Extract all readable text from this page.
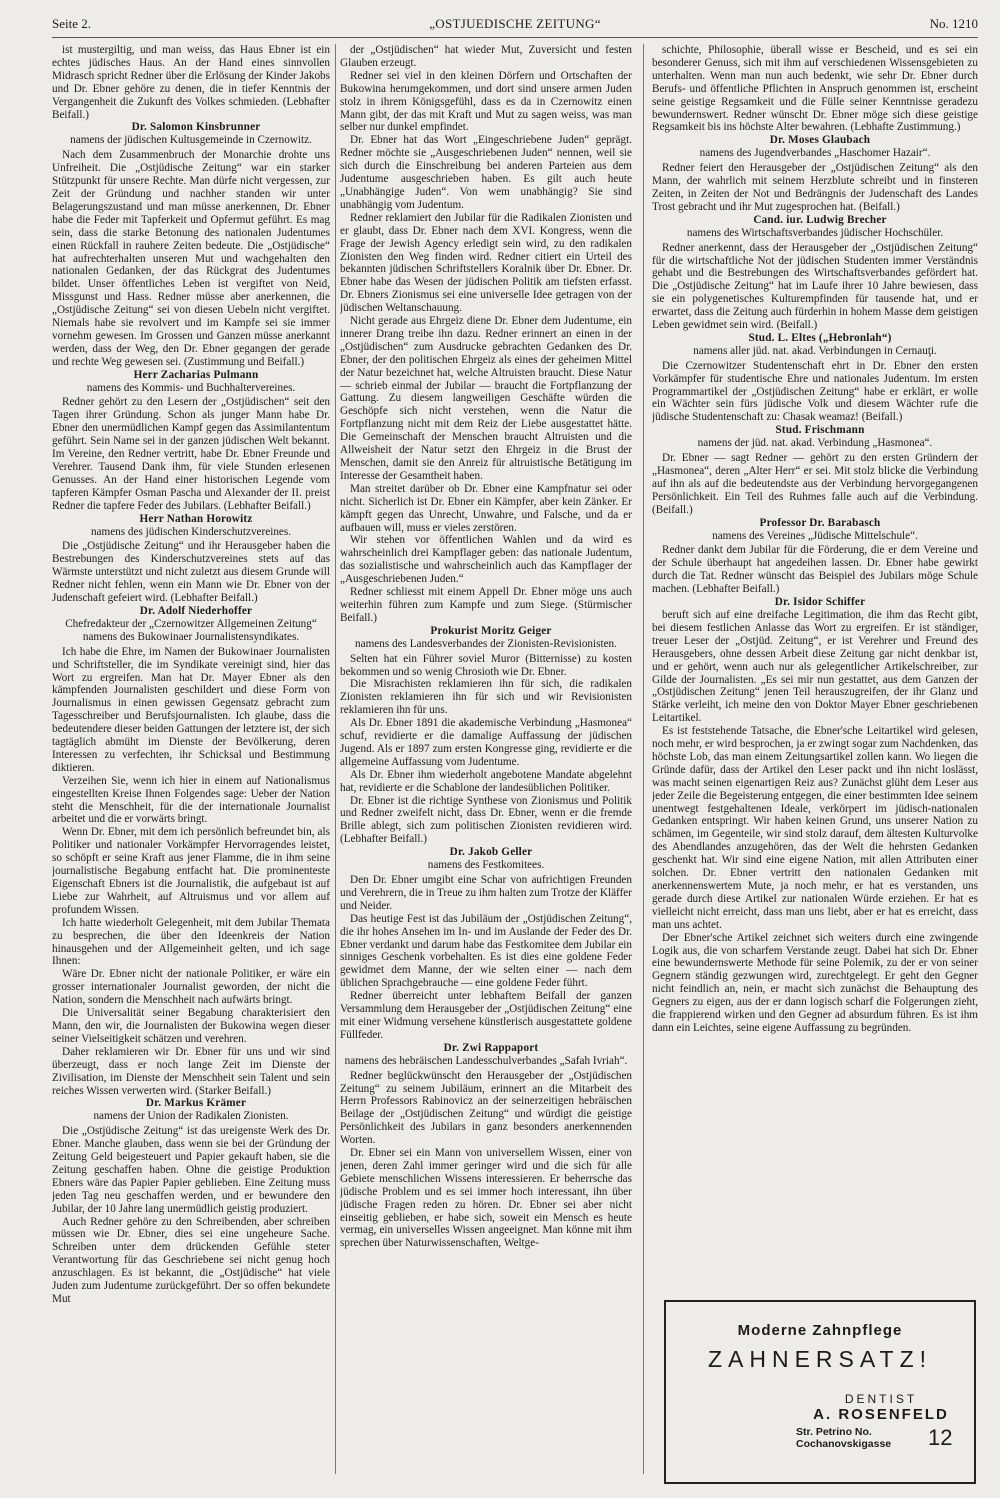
Seite 2.	„OSTJUEDISCHE ZEITUNG“	No. 1210

ist mustergiltig, und man weiss, das Haus Ebner ist ein echtes jüdisches Haus. An der Hand eines sinnvollen Midrasch spricht Redner über die Erlösung der Kinder Jakobs und Dr. Ebner gehöre zu denen, die in tiefer Kenntnis der Vergangenheit die Zukunft des Volkes schmieden. (Lebhafter Beifall.)

Dr. Salomon Kinsbrunner

namens der jüdischen Kultusgemeinde in Czernowitz.

Nach dem Zusammenbruch der Monarchie drohte uns Unfreiheit. Die „Ostjüdische Zeitung“ war ein starker Stützpunkt für unsere Rechte. Man dürfe nicht vergessen, zur Zeit der Gründung und nachher standen wir unter Belagerungszustand und man müsse anerkennen, Dr. Ebner habe die Feder mit Tapferkeit und Opfermut geführt. Es mag sein, dass die starke Betonung des nationalen Judentumes einen Rückfall in rauhere Zeiten bedeute. Die „Ostjüdische“ hat aufrechterhalten unseren Mut und wachgehalten den nationalen Gedanken, der das Rückgrat des Judentumes bildet. Unser öffentliches Leben ist vergiftet von Neid, Missgunst und Hass. Redner müsse aber anerkennen, die „Ostjüdische Zeitung“ sei von diesen Uebeln nicht vergiftet. Niemals habe sie revolvert und im Kampfe sei sie immer vornehm gewesen. Im Grossen und Ganzen müsse anerkannt werden, dass der Weg, den Dr. Ebner gegangen der gerade und rechte Weg gewesen sei. (Zustimmung und Beifall.)

Herr Zacharias Pulmann

namens des Kommis- und Buchhaltervereines.

Redner gehört zu den Lesern der „Ostjüdischen“ seit den Tagen ihrer Gründung. Schon als junger Mann habe Dr. Ebner den unermüdlichen Kampf gegen das Assimilantentum geführt. Sein Name sei in der ganzen jüdischen Welt bekannt. Im Vereine, den Redner vertritt, habe Dr. Ebner Freunde und Verehrer. Tausend Dank ihm, für viele Stunden erlesenen Genusses. An der Hand einer historischen Legende vom tapferen Kämpfer Osman Pascha und Alexander der II. preist Redner die tapfere Feder des Jubilars. (Lebhafter Beifall.)

Herr Nathan Horowitz

namens des jüdischen Kinderschutzvereines.

Die „Ostjüdische Zeitung“ und ihr Herausgeber haben die Bestrebungen des Kinderschutzvereines stets auf das Wärmste unterstützt und nicht zuletzt aus diesem Grunde will Redner nicht fehlen, wenn ein Mann wie Dr. Ebner von der Judenschaft gefeiert wird. (Lebhafter Beifall.)

Dr. Adolf Niederhoffer

Chefredakteur der „Czernowitzer Allgemeinen Zeitung“ namens des Bukowinaer Journalistensyndikates.

Ich habe die Ehre, im Namen der Bukowinaer Journalisten und Schriftsteller, die im Syndikate vereinigt sind, hier das Wort zu ergreifen. Man hat Dr. Mayer Ebner als den kämpfenden Journalisten geschildert und diese Form von Journalismus in einen gewissen Gegensatz gebracht zum Tagesschreiber und Berufsjournalisten. Ich glaube, dass die bedeutendere dieser beiden Gattungen der letztere ist, der sich tagtäglich abmüht im Dienste der Bevölkerung, deren Interessen zu verfechten, ihr Schicksal und Bestimmung diktieren.

Verzeihen Sie, wenn ich hier in einem auf Nationalismus eingestellten Kreise Ihnen Folgendes sage: Ueber der Nation steht die Menschheit, für die der internationale Journalist arbeitet und die er vorwärts bringt.

Wenn Dr. Ebner, mit dem ich persönlich befreundet bin, als Politiker und nationaler Vorkämpfer Hervorragendes leistet, so schöpft er seine Kraft aus jener Flamme, die in ihm seine journalistische Begabung entfacht hat. Die prominenteste Eigenschaft Ebners ist die Journalistik, die aufgebaut ist auf Liebe zur Wahrheit, auf Altruismus und vor allem auf profundem Wissen.

Ich hatte wiederholt Gelegenheit, mit dem Jubilar Themata zu besprechen, die über den Ideenkreis der Nation hinausgehen und der Allgemeinheit gelten, und ich sage Ihnen:

Wäre Dr. Ebner nicht der nationale Politiker, er wäre ein grosser internationaler Journalist geworden, der nicht die Nation, sondern die Menschheit nach aufwärts bringt.

Die Universalität seiner Begabung charakterisiert den Mann, den wir, die Journalisten der Bukowina wegen dieser seiner Vielseitigkeit schätzen und verehren.

Daher reklamieren wir Dr. Ebner für uns und wir sind überzeugt, dass er noch lange Zeit im Dienste der Zivilisation, im Dienste der Menschheit sein Talent und sein reiches Wissen verwerten wird. (Starker Beifall.)

Dr. Markus Krämer

namens der Union der Radikalen Zionisten.

Die „Ostjüdische Zeitung“ ist das ureigenste Werk des Dr. Ebner. Manche glauben, dass wenn sie bei der Gründung der Zeitung Geld beigesteuert und Papier gekauft haben, sie die Zeitung geschaffen haben. Ohne die geistige Produktion Ebners wäre das Papier Papier geblieben. Eine Zeitung muss jeden Tag neu geschaffen werden, und er bewundere den Jubilar, der 10 Jahre lang unermüdlich geistig produziert.

Auch Redner gehöre zu den Schreibenden, aber schreiben müssen wie Dr. Ebner, dies sei eine ungeheure Sache. Schreiben unter dem drückenden Gefühle steter Verantwortung für das Geschriebene sei nicht genug hoch anzuschlagen. Es ist bekannt, die „Ostjüdische“ hat viele Juden zum Judentume zurückgeführt. Der so offen bekundete Mut

der „Ostjüdischen“ hat wieder Mut, Zuversicht und festen Glauben erzeugt.

Redner sei viel in den kleinen Dörfern und Ortschaften der Bukowina herumgekommen, und dort sind unsere armen Juden stolz in ihrem Königsgefühl, dass es da in Czernowitz einen Mann gibt, der das mit Kraft und Mut zu sagen weiss, was man selber nur dunkel empfindet.

Dr. Ebner hat das Wort „Eingeschriebene Juden“ geprägt. Redner möchte sie „Ausgeschriebenen Juden“ nennen, weil sie sich durch die Einschreibung bei anderen Parteien aus dem Judentume ausgeschrieben haben. Es gilt auch heute „Unabhängige Juden“. Von wem unabhängig? Sie sind unabhängig vom Judentum.

Redner reklamiert den Jubilar für die Radikalen Zionisten und er glaubt, dass Dr. Ebner nach dem XVI. Kongress, wenn die Frage der Jewish Agency erledigt sein wird, zu den radikalen Zionisten den Weg finden wird. Redner citiert ein Urteil des bekannten jüdischen Schriftstellers Koralnik über Dr. Ebner. Dr. Ebner habe das Wesen der jüdischen Politik am tiefsten erfasst. Dr. Ebners Zionismus sei eine universelle Idee getragen von der jüdischen Weltanschauung.

Nicht gerade aus Ehrgeiz diene Dr. Ebner dem Judentume, ein innerer Drang treibe ihn dazu. Redner erinnert an einen in der „Ostjüdischen“ zum Ausdrucke gebrachten Gedanken des Dr. Ebner, der den politischen Ehrgeiz als eines der geheimen Mittel der Natur bezeichnet hat, welche Altruisten braucht. Diese Natur — schrieb einmal der Jubilar — braucht die Fortpflanzung der Gattung. Zu diesem langweiligen Geschäfte würden die Geschöpfe sich nicht verstehen, wenn die Natur die Fortpflanzung nicht mit dem Reiz der Liebe ausgestattet hätte. Die Gemeinschaft der Menschen braucht Altruisten und die Allweisheit der Natur setzt den Ehrgeiz in die Brust der Menschen, damit sie den Anreiz für altruistische Betätigung im Interesse der Gesamtheit haben.

Man streitet darüber ob Dr. Ebner eine Kampfnatur sei oder nicht. Sicherlich ist Dr. Ebner ein Kämpfer, aber kein Zänker. Er kämpft gegen das Unrecht, Unwahre, und Falsche, und da er aufbauen will, muss er vieles zerstören.

Wir stehen vor öffentlichen Wahlen und da wird es wahrscheinlich drei Kampflager geben: das nationale Judentum, das sozialistische und wahrscheinlich auch das Kampflager der „Ausgeschriebenen Juden.“

Redner schliesst mit einem Appell Dr. Ebner möge uns auch weiterhin führen zum Kampfe und zum Siege. (Stürmischer Beifall.)

Prokurist Moritz Geiger

namens des Landesverbandes der Zionisten-Revisionisten.

Selten hat ein Führer soviel Muror (Bitternisse) zu kosten bekommen und so wenig Chrosioth wie Dr. Ebner.

Die Misrachisten reklamieren ihn für sich, die radikalen Zionisten reklamieren ihn für sich und wir Revisionisten reklamieren ihn für uns.

Als Dr. Ebner 1891 die akademische Verbindung „Hasmonea“ schuf, revidierte er die damalige Auffassung der jüdischen Jugend. Als er 1897 zum ersten Kongresse ging, revidierte er die allgemeine Auffassung vom Judentume.

Als Dr. Ebner ihm wiederholt angebotene Mandate abgelehnt hat, revidierte er die Schablone der landesüblichen Politiker.

Dr. Ebner ist die richtige Synthese von Zionismus und Politik und Redner zweifelt nicht, dass Dr. Ebner, wenn er die fremde Brille ablegt, sich zum politischen Zionisten revidieren wird. (Lebhafter Beifall.)

Dr. Jakob Geller

namens des Festkomitees.

Den Dr. Ebner umgibt eine Schar von aufrichtigen Freunden und Verehrern, die in Treue zu ihm halten zum Trotze der Kläffer und Neider.

Das heutige Fest ist das Jubiläum der „Ostjüdischen Zeitung“, die ihr hohes Ansehen im In- und im Auslande der Feder des Dr. Ebner verdankt und darum habe das Festkomitee dem Jubilar ein sinniges Geschenk vorbehalten. Es ist dies eine goldene Feder gewidmet dem Manne, der wie selten einer — nach dem üblichen Sprachgebrauche — eine goldene Feder führt.

Redner überreicht unter lebhaftem Beifall der ganzen Versammlung dem Herausgeber der „Ostjüdischen Zeitung“ eine mit einer Widmung versehene künstlerisch ausgestattete goldene Füllfeder.

Dr. Zwi Rappaport

namens des hebräischen Landesschulverbandes „Safah Ivriah“.

Redner beglückwünscht den Herausgeber der „Ostjüdischen Zeitung“ zu seinem Jubiläum, erinnert an die Mitarbeit des Herrn Professors Rabinovicz an der seinerzeitigen hebräischen Beilage der „Ostjüdischen Zeitung“ und würdigt die geistige Persönlichkeit des Jubilars in ganz besonders anerkennenden Worten.

Dr. Ebner sei ein Mann von universellem Wissen, einer von jenen, deren Zahl immer geringer wird und die sich für alle Gebiete menschlichen Wissens interessieren. Er beherrsche das jüdische Problem und es sei immer hoch interessant, ihn über jüdische Fragen reden zu hören. Dr. Ebner sei aber nicht einseitig geblieben, er habe sich, soweit ein Mensch es heute vermag, ein universelles Wissen angeeignet. Man könne mit ihm sprechen über Naturwissenschaften, Weltge-

schichte, Philosophie, überall wisse er Bescheid, und es sei ein besonderer Genuss, sich mit ihm auf verschiedenen Wissensgebieten zu unterhalten. Wenn man nun auch bedenkt, wie sehr Dr. Ebner durch Berufs- und öffentliche Pflichten in Anspruch genommen ist, erscheint seine geistige Regsamkeit und die Fülle seiner Kenntnisse geradezu bewundernswert. Redner wünscht Dr. Ebner möge sich diese geistige Regsamkeit bis ins höchste Alter bewahren. (Lebhafte Zustimmung.)

Dr. Moses Glaubach

namens des Jugendverbandes „Haschomer Hazair“.

Redner feiert den Herausgeber der „Ostjüdischen Zeitung“ als den Mann, der wahrlich mit seinem Herzblute schreibt und in finsteren Zeiten, in Zeiten der Not und Bedrängnis der Judenschaft des Landes Trost gebracht und ihr Mut zugesprochen hat. (Beifall.)

Cand. iur. Ludwig Brecher

namens des Wirtschaftsverbandes jüdischer Hochschüler.

Redner anerkennt, dass der Herausgeber der „Ostjüdischen Zeitung“ für die wirtschaftliche Not der jüdischen Studenten immer Verständnis gehabt und die Bestrebungen des Wirtschaftsverbandes gefördert hat. Die „Ostjüdische Zeitung“ hat im Laufe ihrer 10 Jahre bewiesen, dass sie ein polygenetisches Kulturempfinden für tausende hat, und er erwartet, dass die Zeitung auch fürderhin in hohem Masse dem geistigen Leben gewidmet sein wird. (Beifall.)

Stud. L. Eltes („Hebronlah“)

namens aller jüd. nat. akad. Verbindungen in Cernauţi.

Die Czernowitzer Studentenschaft ehrt in Dr. Ebner den ersten Vorkämpfer für studentische Ehre und nationales Judentum. Im ersten Programmartikel der „Ostjüdischen Zeitung“ habe er erklärt, er wolle ein Wächter sein fürs jüdische Volk und diesem Wächter rufe die jüdische Studentenschaft zu: Chasak weamaz! (Beifall.)

Stud. Frischmann

namens der jüd. nat. akad. Verbindung „Hasmonea“.

Dr. Ebner — sagt Redner — gehört zu den ersten Gründern der „Hasmonea“, deren „Alter Herr“ er sei. Mit stolz blicke die Verbindung auf ihn als auf die bedeutendste aus der Verbindung hervorgegangenen Persönlichkeit. Ein Teil des Ruhmes falle auch auf die Verbindung. (Beifall.)

Professor Dr. Barabasch

namens des Vereines „Jüdische Mittelschule“.

Redner dankt dem Jubilar für die Förderung, die er dem Vereine und der Schule überhaupt hat angedeihen lassen. Dr. Ebner habe gewirkt durch die Tat. Redner wünscht das Beispiel des Jubilars möge Schule machen. (Lebhafter Beifall.)

Dr. Isidor Schiffer

beruft sich auf eine dreifache Legitimation, die ihm das Recht gibt, bei diesem festlichen Anlasse das Wort zu ergreifen. Er ist ständiger, treuer Leser der „Ostjüd. Zeitung“, er ist Verehrer und Freund des Herausgebers, ohne dessen Arbeit diese Zeitung gar nicht denkbar ist, und er gehört, wenn auch nur als gelegentlicher Artikelschreiber, zur Gilde der Journalisten. „Es sei mir nun gestattet, aus dem Ganzen der „Ostjüdischen Zeitung“ jenen Teil herauszugreifen, der ihr Glanz und Stärke verleiht, ich meine den von Doktor Mayer Ebner geschriebenen Leitartikel.

Es ist feststehende Tatsache, die Ebner'sche Leitartikel wird gelesen, noch mehr, er wird besprochen, ja er zwingt sogar zum Nachdenken, das höchste Lob, das man einem Zeitungsartikel zollen kann. Wo liegen die Gründe dafür, dass der Artikel den Leser packt und ihn nicht loslässt, was macht seinen eigenartigen Reiz aus? Zunächst glüht dem Leser aus jeder Zeile die Begeisterung entgegen, die einer bestimmten Idee seinem unentwegt festgehaltenen Ideale, verkörpert im jüdisch-nationalen Gedanken entspringt. Wir haben keinen Grund, uns unserer Nation zu schämen, im Gegenteile, wir sind stolz darauf, dem ältesten Kulturvolke des Abendlandes anzugehören, das der Welt die hehrsten Gedanken geschenkt hat. Wir sind eine eigene Nation, mit allen Attributen einer solchen. Dr. Ebner vertritt den nationalen Gedanken mit anerkennenswertem Mute, ja noch mehr, er hat es verstanden, uns gerade durch diese Artikel zur nationalen Würde erziehen. Er hat es vielleicht nicht erreicht, dass man uns liebt, aber er hat es erreicht, dass man uns achtet.

Der Ebner'sche Artikel zeichnet sich weiters durch eine zwingende Logik aus, die von scharfem Verstande zeugt. Dabei hat sich Dr. Ebner eine bewundernswerte Methode für seine Polemik, zu der er von seiner Gegnern ständig gezwungen wird, zurechtgelegt. Er geht den Gegner nicht feindlich an, nein, er macht sich zunächst die Behauptung des Gegners zu eigen, aus der er dann logisch scharf die Folgerungen zieht, die frappierend wirken und den Gegner ad absurdum führen. Es ist ihm dann ein Leichtes, seine eigene Auffassung zu begründen.

Moderne Zahnpflege
ZAHNERSATZ!
DENTIST
A. ROSENFELD
Str. Petrino No.
Cochanovskigasse 12
